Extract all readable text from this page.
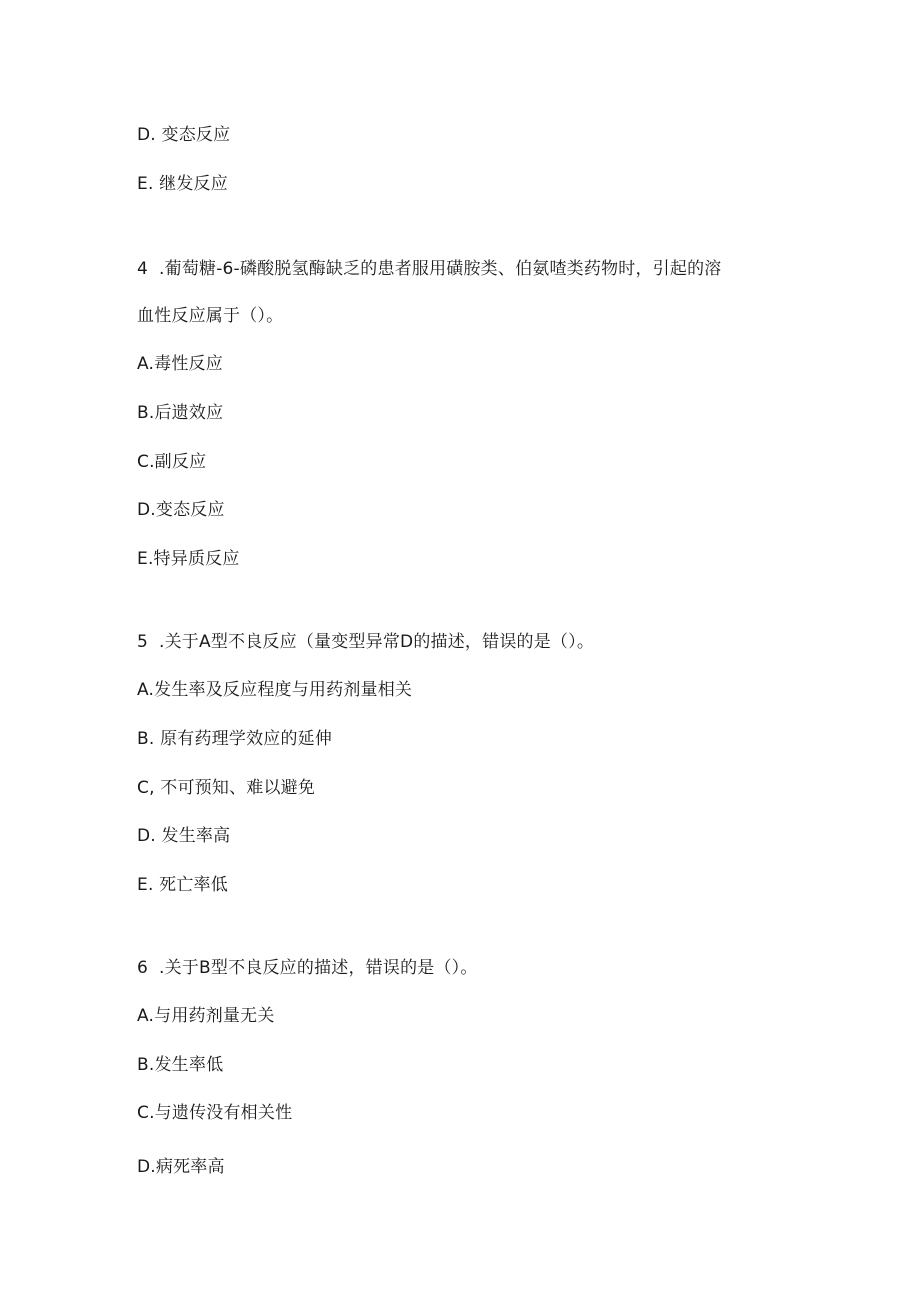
D. 变态反应
E. 继发反应
4 .葡萄糖-6-磷酸脱氢酶缺乏的患者服用磺胺类、伯氨喳类药物时，引起的溶
血性反应属于（）。
A.毒性反应
B.后遗效应
C.副反应
D.变态反应
E.特异质反应
5 .关于A型不良反应（量变型异常D的描述，错误的是（）。
A.发生率及反应程度与用药剂量相关
B. 原有药理学效应的延伸
C, 不可预知、难以避免
D. 发生率高
E. 死亡率低
6 .关于B型不良反应的描述，错误的是（）。
A.与用药剂量无关
B.发生率低
C.与遗传没有相关性
D.病死率高
